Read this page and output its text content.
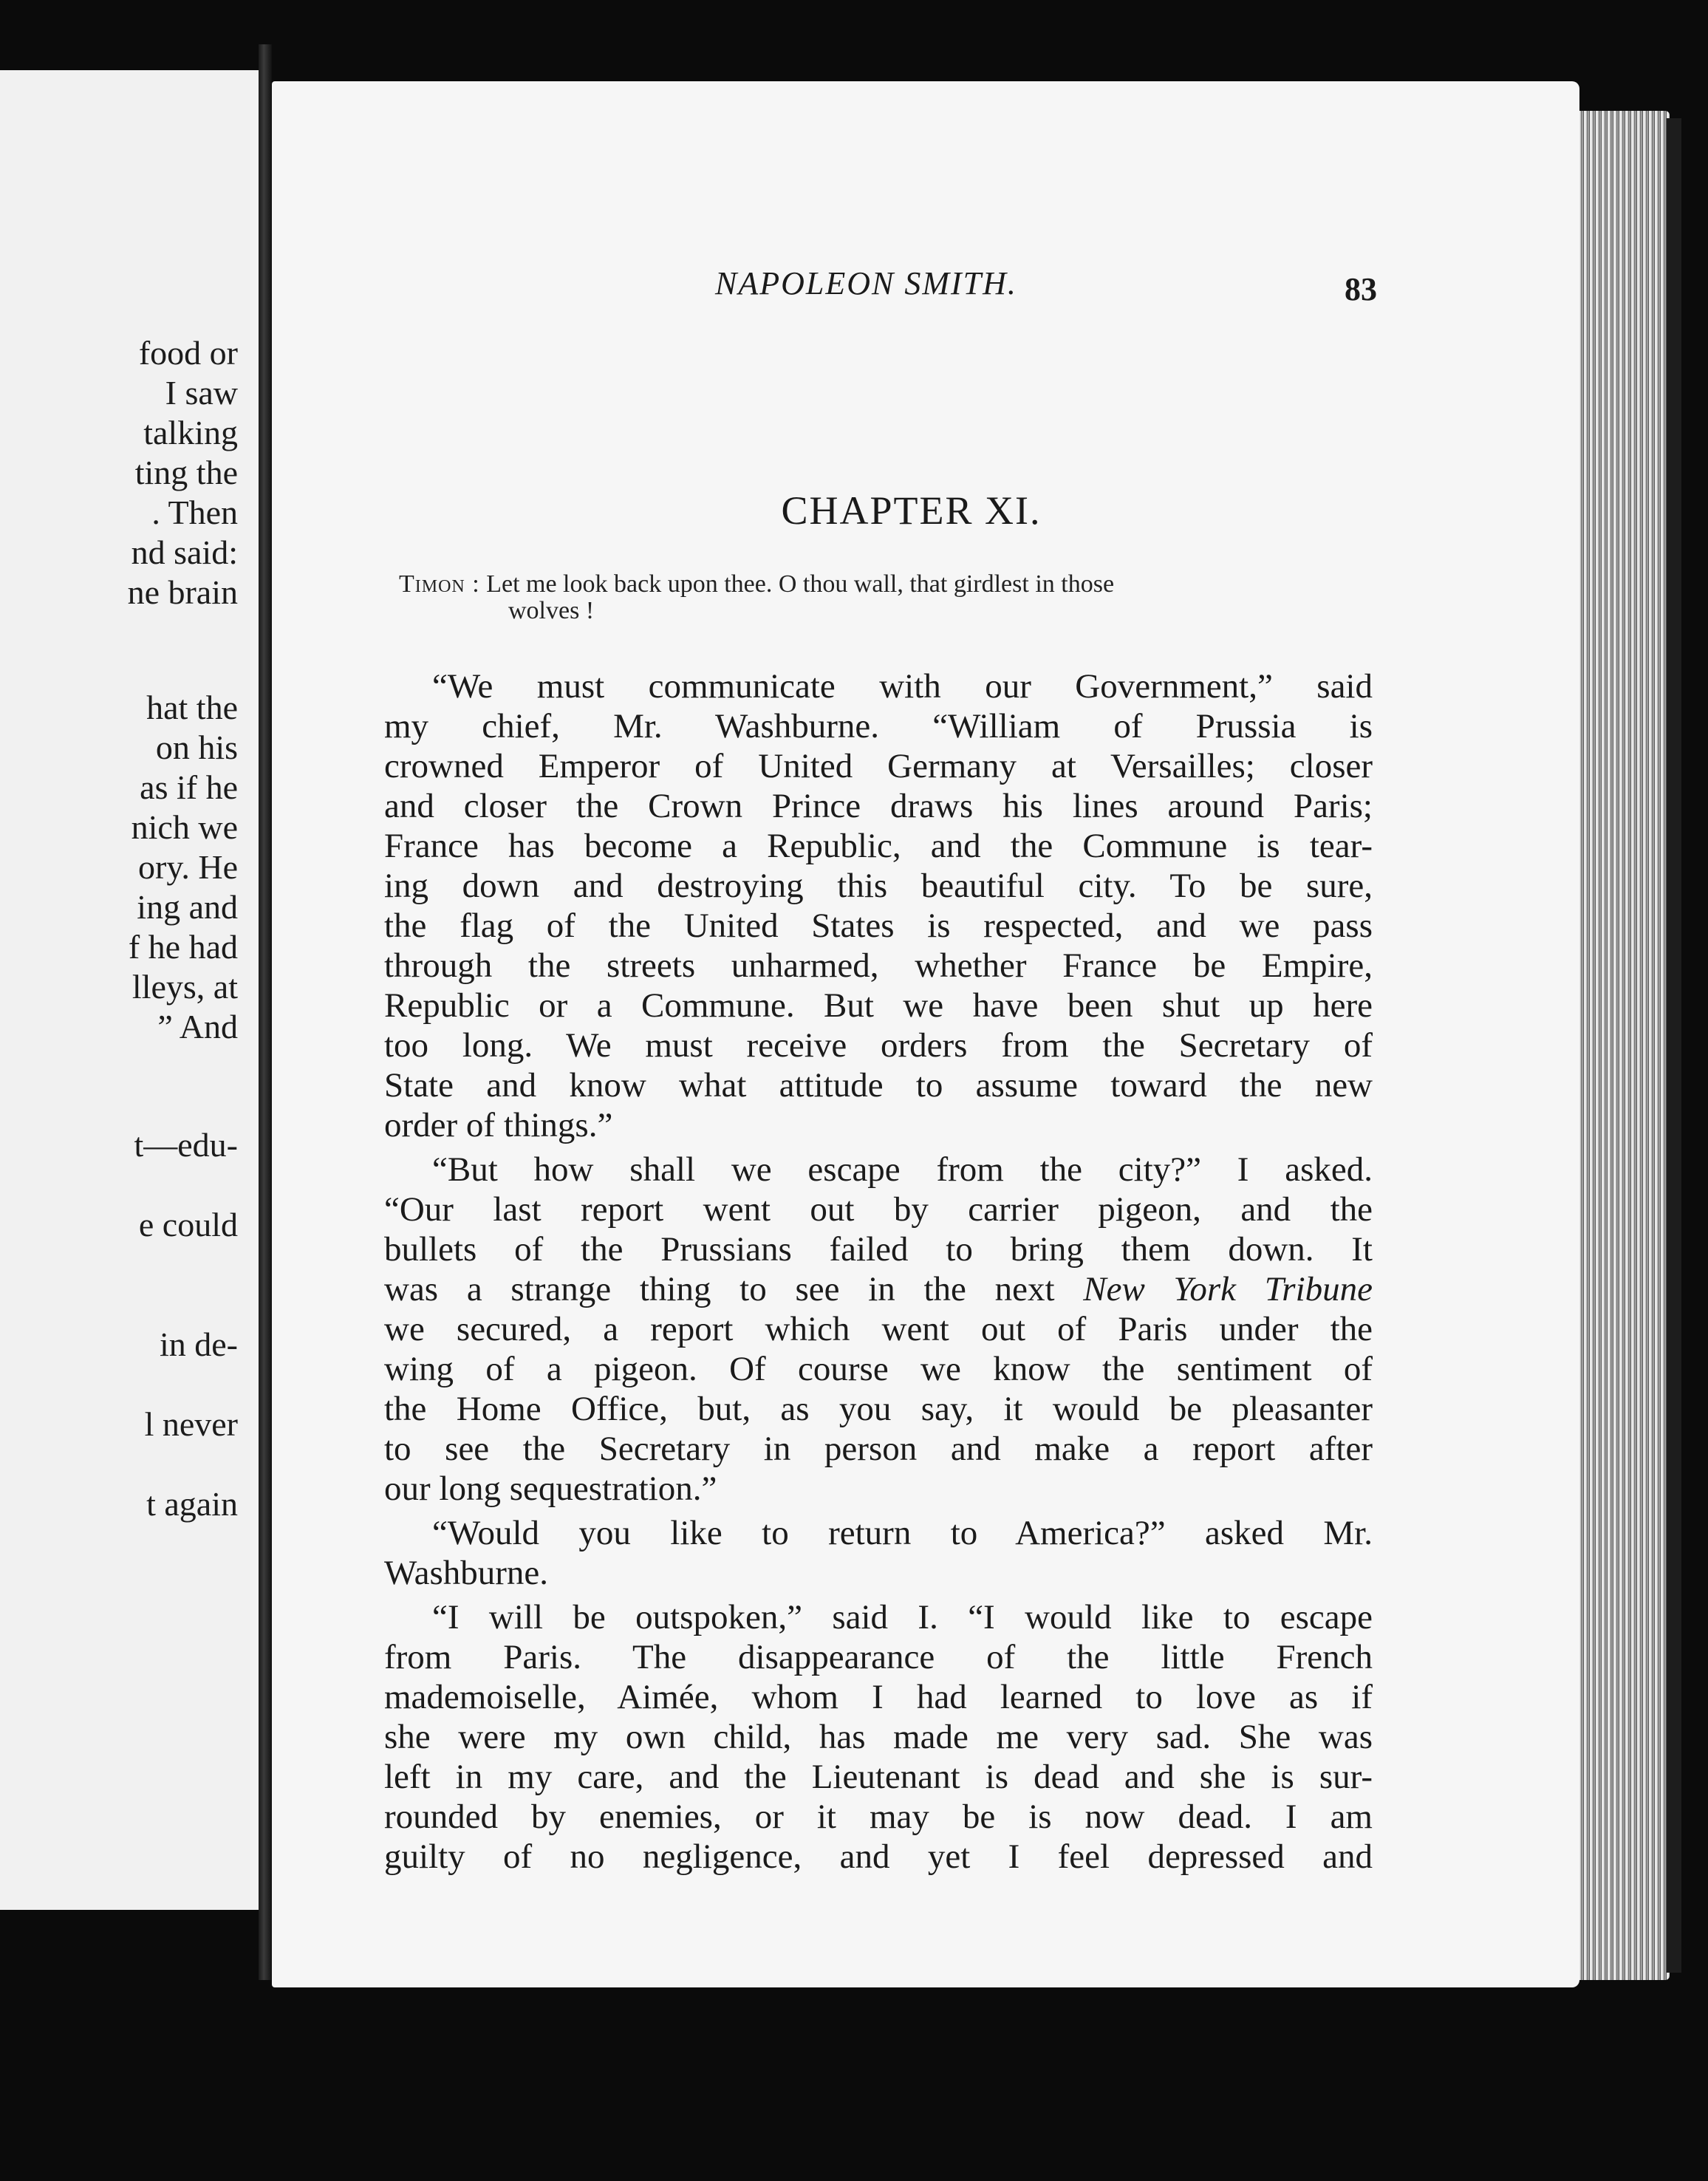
food or
I saw
talking
ting the
. Then
nd said:
ne brain
hat the
on his
as if he
nich we
ory. He
ing and
f he had
lleys, at
” And
t—edu-
e could
in de-
l never
t again
NAPOLEON SMITH.	83
CHAPTER XI.
Timon : Let me look back upon thee. O thou wall, that girdlest in those
wolves !
“We must communicate with our Government,” said
my chief, Mr. Washburne. “William of Prussia is
crowned Emperor of United Germany at Versailles; closer
and closer the Crown Prince draws his lines around Paris;
France has become a Republic, and the Commune is tear-
ing down and destroying this beautiful city. To be sure,
the flag of the United States is respected, and we pass
through the streets unharmed, whether France be Empire,
Republic or a Commune. But we have been shut up here
too long. We must receive orders from the Secretary of
State and know what attitude to assume toward the new
order of things.”
“But how shall we escape from the city?” I asked.
“Our last report went out by carrier pigeon, and the
bullets of the Prussians failed to bring them down. It
was a strange thing to see in the next New York Tribune
we secured, a report which went out of Paris under the
wing of a pigeon. Of course we know the sentiment of
the Home Office, but, as you say, it would be pleasanter
to see the Secretary in person and make a report after
our long sequestration.”
“Would you like to return to America?” asked Mr.
Washburne.
“I will be outspoken,” said I. “I would like to escape
from Paris. The disappearance of the little French
mademoiselle, Aimée, whom I had learned to love as if
she were my own child, has made me very sad. She was
left in my care, and the Lieutenant is dead and she is sur-
rounded by enemies, or it may be is now dead. I am
guilty of no negligence, and yet I feel depressed and
